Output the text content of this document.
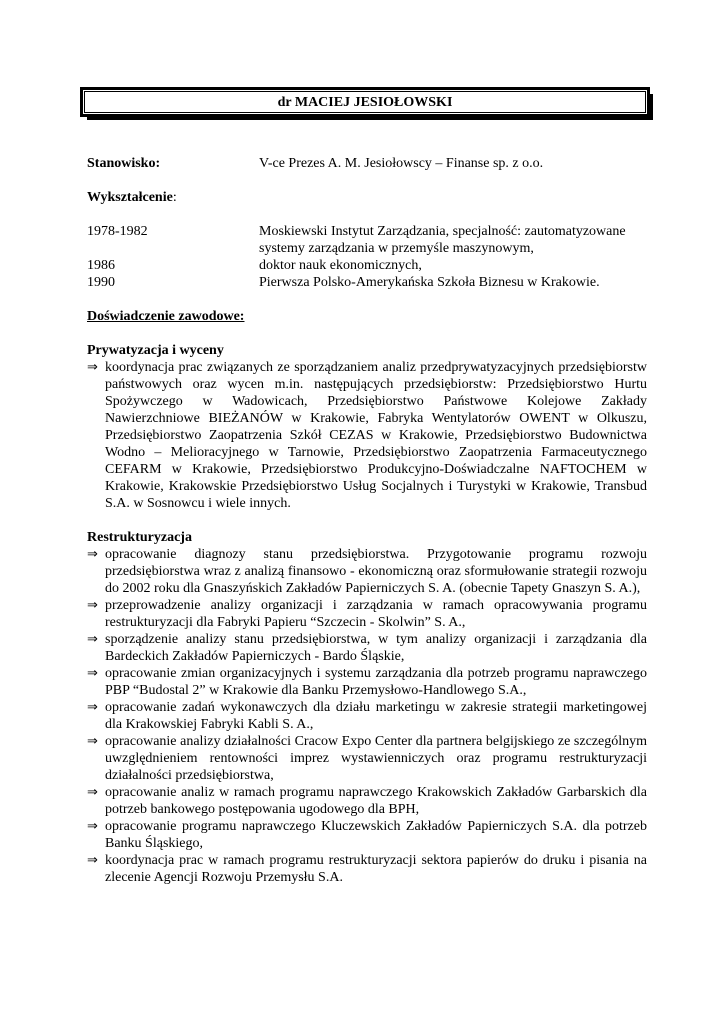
dr MACIEJ JESIOŁOWSKI
Stanowisko:	V-ce Prezes A. M. Jesiołowscy – Finanse sp. z o.o.
Wykształcenie:
1978-1982	Moskiewski Instytut Zarządzania, specjalność: zautomatyzowane systemy zarządzania w przemyśle maszynowym,
1986	doktor nauk ekonomicznych,
1990	Pierwsza Polsko-Amerykańska Szkoła Biznesu w Krakowie.
Doświadczenie zawodowe:
Prywatyzacja i wyceny
⇒ koordynacja prac związanych ze sporządzaniem analiz przedprywatyzacyjnych przedsiębiorstw państwowych oraz wycen m.in. następujących przedsiębiorstw: Przedsiębiorstwo Hurtu Spożywczego w Wadowicach, Przedsiębiorstwo Państwowe Kolejowe Zakłady Nawierzchniowe BIEŻANÓW w Krakowie, Fabryka Wentylatorów OWENT w Olkuszu, Przedsiębiorstwo Zaopatrzenia Szkół CEZAS w Krakowie, Przedsiębiorstwo Budownictwa Wodno – Melioracyjnego w Tarnowie, Przedsiębiorstwo Zaopatrzenia Farmaceutycznego CEFARM w Krakowie, Przedsiębiorstwo Produkcyjno-Doświadczalne NAFTOCHEM w Krakowie, Krakowskie Przedsiębiorstwo Usług Socjalnych i Turystyki w Krakowie, Transbud S.A. w Sosnowcu i wiele innych.
Restrukturyzacja
⇒ opracowanie diagnozy stanu przedsiębiorstwa. Przygotowanie programu rozwoju przedsiębiorstwa wraz z analizą finansowo - ekonomiczną oraz sformułowanie strategii rozwoju do 2002 roku dla Gnaszyńskich Zakładów Papierniczych S. A. (obecnie Tapety Gnaszyn S. A.),
⇒ przeprowadzenie analizy organizacji i zarządzania w ramach opracowywania programu restrukturyzacji dla Fabryki Papieru “Szczecin - Skolwin” S. A.,
⇒ sporządzenie analizy stanu przedsiębiorstwa, w tym analizy organizacji i zarządzania dla Bardeckich Zakładów Papierniczych - Bardo Śląskie,
⇒ opracowanie zmian organizacyjnych i systemu zarządzania dla potrzeb programu naprawczego PBP “Budostal 2” w Krakowie dla Banku Przemysłowo-Handlowego S.A.,
⇒ opracowanie zadań wykonawczych dla działu marketingu w zakresie strategii marketingowej dla Krakowskiej Fabryki Kabli S. A.,
⇒ opracowanie analizy działalności Cracow Expo Center dla partnera belgijskiego ze szczególnym uwzględnieniem rentowności imprez wystawienniczych oraz programu restrukturyzacji działalności przedsiębiorstwa,
⇒ opracowanie analiz w ramach programu naprawczego Krakowskich Zakładów Garbarskich dla potrzeb bankowego postępowania ugodowego dla BPH,
⇒ opracowanie programu naprawczego Kluczewskich Zakładów Papierniczych S.A. dla potrzeb Banku Śląskiego,
⇒ koordynacja prac w ramach programu restrukturyzacji sektora papierów do druku i pisania na zlecenie Agencji Rozwoju Przemysłu S.A.
